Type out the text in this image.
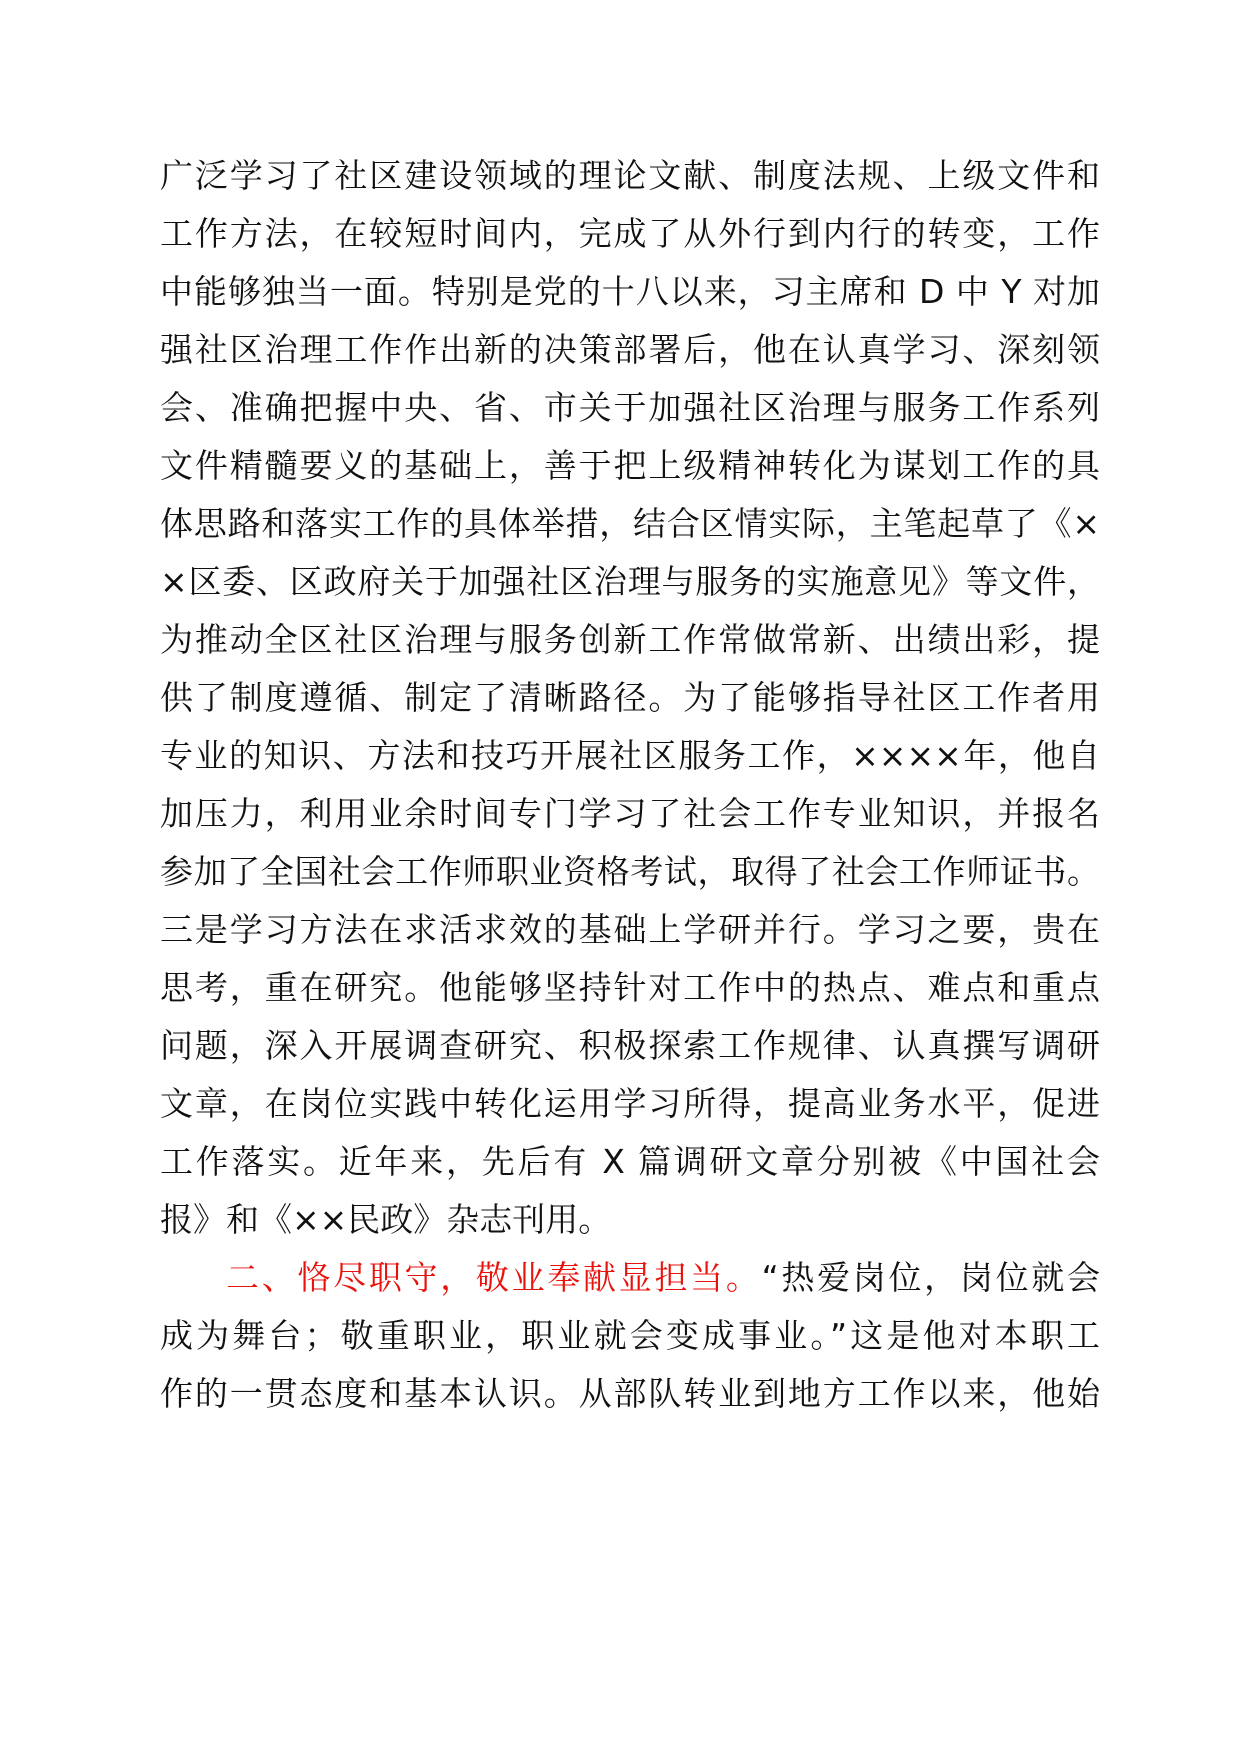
广泛学习了社区建设领域的理论文献、制度法规、上级文件和
工作方法，在较短时间内，完成了从外行到内行的转变，工作
中能够独当一面。特别是党的十八以来，习主席和 D 中 Y 对加
强社区治理工作作出新的决策部署后，他在认真学习、深刻领
会、准确把握中央、省、市关于加强社区治理与服务工作系列
文件精髓要义的基础上，善于把上级精神转化为谋划工作的具
体思路和落实工作的具体举措，结合区情实际，主笔起草了《×
×区委、区政府关于加强社区治理与服务的实施意见》等文件，
为推动全区社区治理与服务创新工作常做常新、出绩出彩，提
供了制度遵循、制定了清晰路径。为了能够指导社区工作者用
专业的知识、方法和技巧开展社区服务工作，××××年，他自
加压力，利用业余时间专门学习了社会工作专业知识，并报名
参加了全国社会工作师职业资格考试，取得了社会工作师证书。
三是学习方法在求活求效的基础上学研并行。学习之要，贵在
思考，重在研究。他能够坚持针对工作中的热点、难点和重点
问题，深入开展调查研究、积极探索工作规律、认真撰写调研
文章，在岗位实践中转化运用学习所得，提高业务水平，促进
工作落实。近年来，先后有 X 篇调研文章分别被《中国社会
报》和《××民政》杂志刊用。
二、恪尽职守，敬业奉献显担当。“热爱岗位，岗位就会
成为舞台；敬重职业，职业就会变成事业。”这是他对本职工
作的一贯态度和基本认识。从部队转业到地方工作以来，他始
